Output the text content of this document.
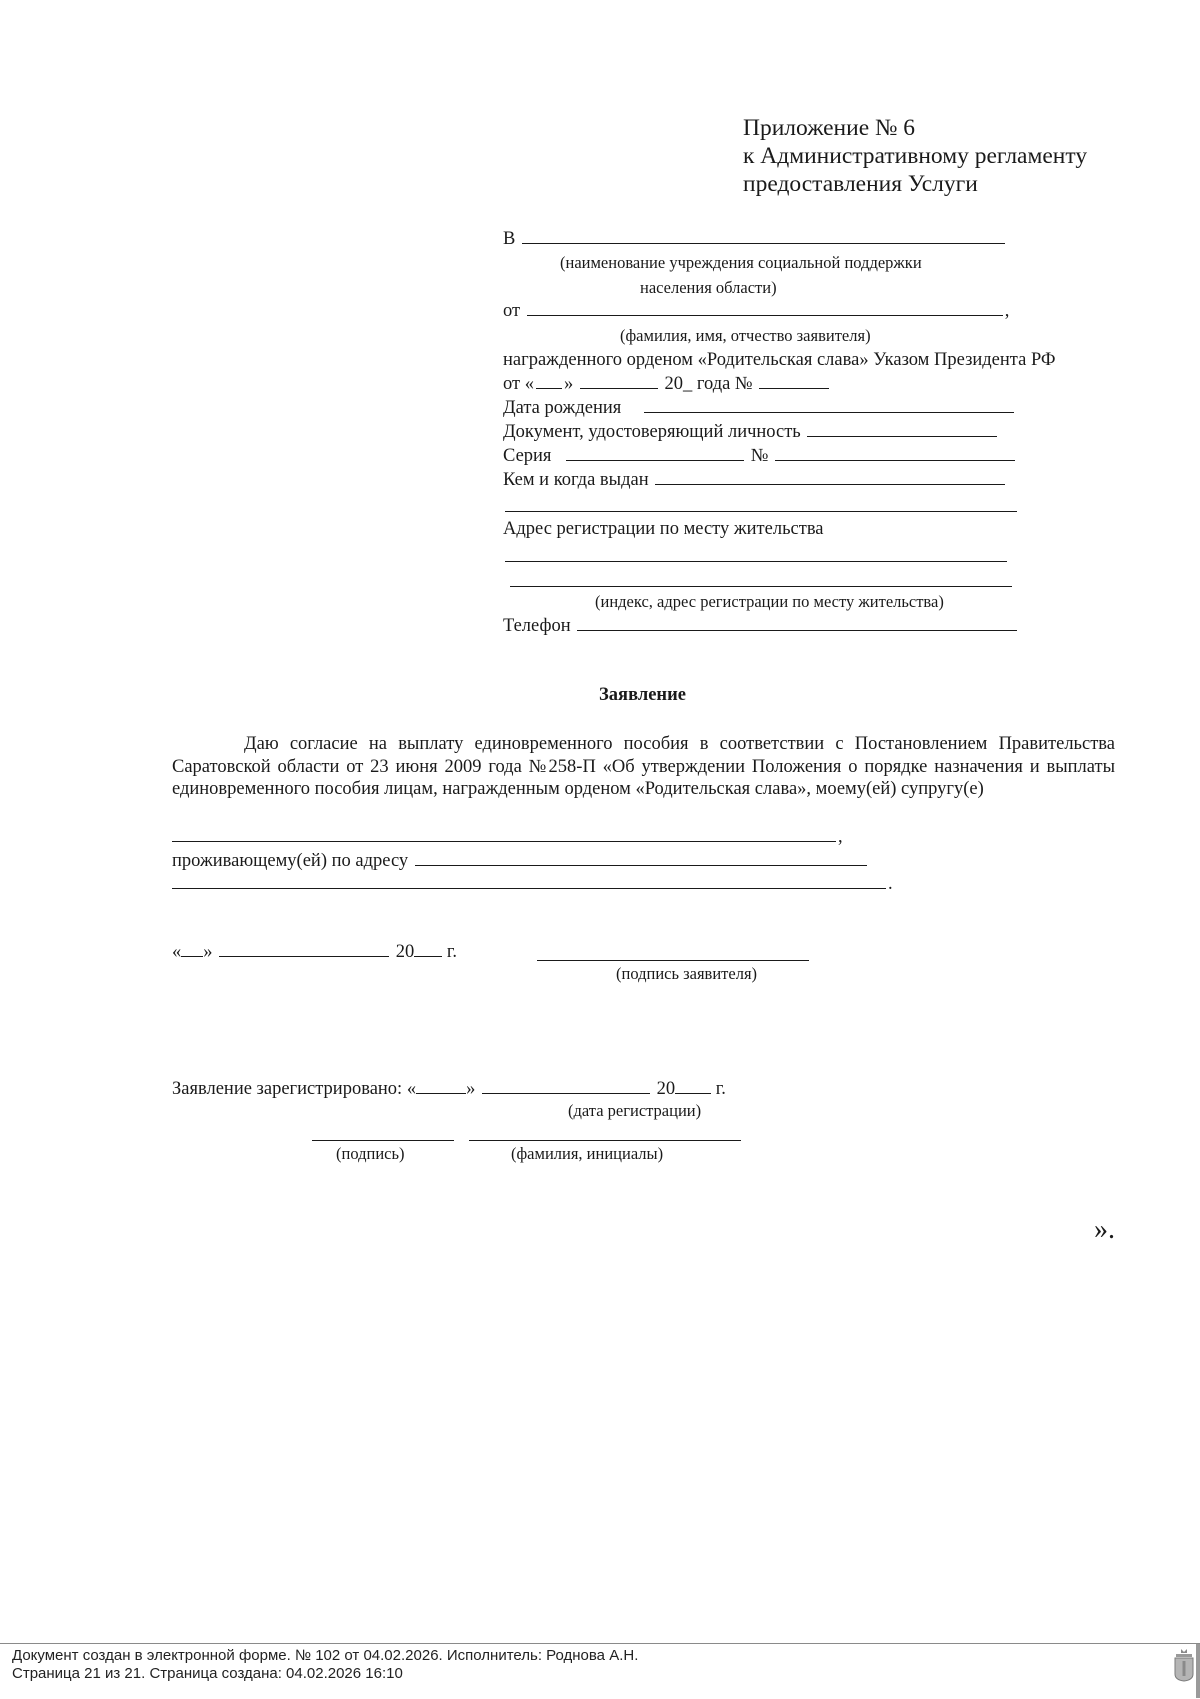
Приложение № 6
к Административному регламенту
предоставления Услуги
В
(наименование учреждения социальной поддержки
населения области)
от	,
(фамилия, имя, отчество заявителя)
награжденного орденом «Родительская слава» Указом Президента РФ
от « »	20_ года №
Дата рождения
Документ, удостоверяющий личность
Серия	№
Кем и когда выдан
Адрес регистрации по месту жительства
(индекс, адрес регистрации по месту жительства)
Телефон
Заявление

Даю согласие на выплату единовременного пособия в соответствии с Постановлением Правительства Саратовской области от 23 июня 2009 года №258-П «Об утверждении Положения о порядке назначения и выплаты единовременного пособия лицам, награжденным орденом «Родительская слава», моему(ей) супругу(е)

,
проживающему(ей) по адресу
.
« »	20 г.
(подпись заявителя)
Заявление зарегистрировано: «	»	20 г.
(дата регистрации)
(подпись)	(фамилия, инициалы)
».
Документ создан в электронной форме. № 102 от 04.02.2026. Исполнитель: Роднова А.Н.
Страница 21 из 21. Страница создана: 04.02.2026 16:10
